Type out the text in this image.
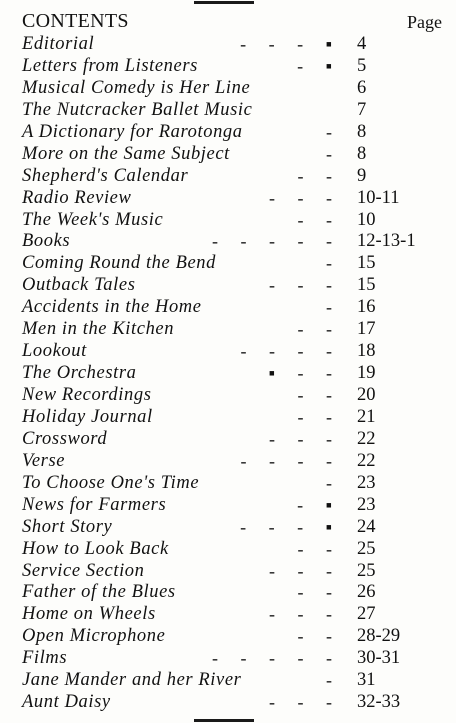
CONTENTS	Page
Editorial	-     -     -     ▪ 4
Letters from Listeners	-     ▪ 5
Musical Comedy is Her Line	6
The Nutcracker Ballet Music	7
A Dictionary for Rarotonga	- 8
More on the Same Subject	- 8
Shepherd's Calendar	-     - 9
Radio Review	-     -     - 10-11
The Week's Music	-     - 10
Books	-     -     -     -     - 12-13-1
Coming Round the Bend	- 15
Outback Tales	-     -     - 15
Accidents in the Home	- 16
Men in the Kitchen	-     - 17
Lookout	-     -     -     - 18
The Orchestra	▪     -     - 19
New Recordings	-     - 20
Holiday Journal	-     - 21
Crossword	-     -     - 22
Verse	-     -     -     - 22
To Choose One's Time	- 23
News for Farmers	-     ▪ 23
Short Story	-     -     -     ▪ 24
How to Look Back	-     - 25
Service Section	-     -     - 25
Father of the Blues	-     - 26
Home on Wheels	-     -     - 27
Open Microphone	-     - 28-29
Films	-     -     -     -     - 30-31
Jane Mander and her River	- 31
Aunt Daisy	-     -     - 32-33
